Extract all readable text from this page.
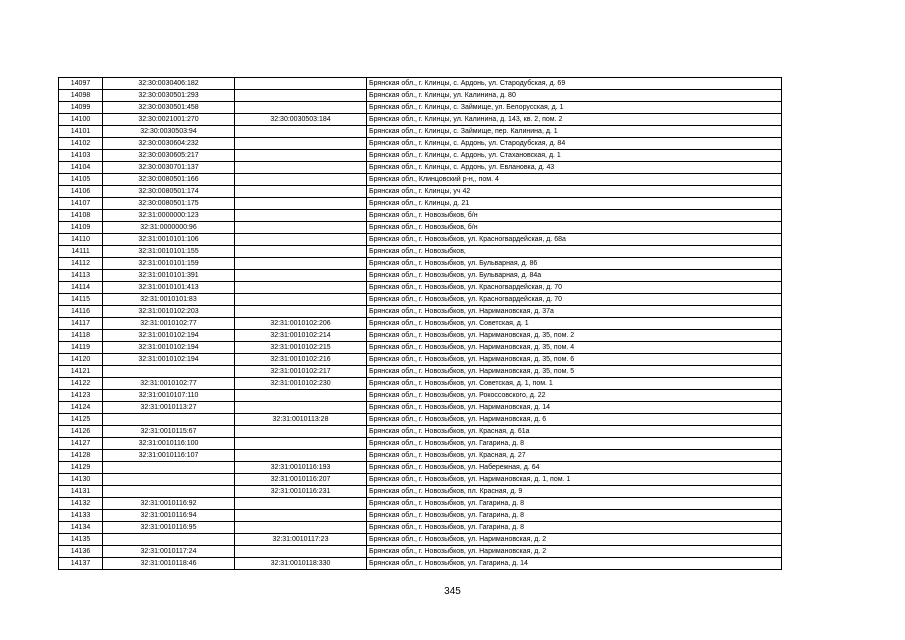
14097	32:30:0030406:182		Брянская обл., г. Клинцы, с. Ардонь, ул. Стародубская, д. 69
14098	32:30:0030501:293		Брянская обл., г. Клинцы, ул. Калинина, д. 80
14099	32:30:0030501:458		Брянская обл., г. Клинцы, с. Займище, ул. Белорусская, д. 1
14100	32:30:0021001:270	32:30:0030503:184	Брянская обл., г. Клинцы, ул. Калинина, д. 143, кв. 2, пом. 2
14101	32:30:0030503:94		Брянская обл., г. Клинцы, с. Займище, пер. Калинина, д. 1
14102	32:30:0030604:232		Брянская обл., г. Клинцы, с. Ардонь, ул. Стародубская, д. 84
14103	32:30:0030605:217		Брянская обл., г. Клинцы, с. Ардонь, ул. Стахановская, д. 1
14104	32:30:0030701:137		Брянская обл., г. Клинцы, с. Ардонь, ул. Евлановка, д. 43
14105	32:30:0080501:166		Брянская обл., Клинцовский р-н,, пом. 4
14106	32:30:0080501:174		Брянская обл., г. Клинцы, уч 42
14107	32:30:0080501:175		Брянская обл., г. Клинцы, д. 21
14108	32:31:0000000:123		Брянская обл., г. Новозыбков, б/н
14109	32:31:0000000:96		Брянская обл., г. Новозыбков, б/н
14110	32:31:0010101:106		Брянская обл., г. Новозыбков, ул. Красногвардейская, д. 68а
14111	32:31:0010101:155		Брянская обл., г. Новозыбков,
14112	32:31:0010101:159		Брянская обл., г. Новозыбков, ул. Бульварная, д. 86
14113	32:31:0010101:391		Брянская обл., г. Новозыбков, ул. Бульварная, д. 84а
14114	32:31:0010101:413		Брянская обл., г. Новозыбков, ул. Красногвардейская, д. 70
14115	32:31:0010101:83		Брянская обл., г. Новозыбков, ул. Красногвардейская, д. 70
14116	32:31:0010102:203		Брянская обл., г. Новозыбков, ул. Наримановская, д. 37а
14117	32:31:0010102:77	32:31:0010102:206	Брянская обл., г. Новозыбков, ул. Советская, д. 1
14118	32:31:0010102:194	32:31:0010102:214	Брянская обл., г. Новозыбков, ул. Наримановская, д. 35, пом. 2
14119	32:31:0010102:194	32:31:0010102:215	Брянская обл., г. Новозыбков, ул. Наримановская, д. 35, пом. 4
14120	32:31:0010102:194	32:31:0010102:216	Брянская обл., г. Новозыбков, ул. Наримановская, д. 35, пом. 6
14121		32:31:0010102:217	Брянская обл., г. Новозыбков, ул. Наримановская, д. 35, пом. 5
14122	32:31:0010102:77	32:31:0010102:230	Брянская обл., г. Новозыбков, ул. Советская, д. 1, пом. 1
14123	32:31:0010107:110		Брянская обл., г. Новозыбков, ул. Рокоссовского, д. 22
14124	32:31:0010113:27		Брянская обл., г. Новозыбков, ул. Наримановская, д. 14
14125		32:31:0010113:28	Брянская обл., г. Новозыбков, ул. Наримановская, д. 6
14126	32:31:0010115:67		Брянская обл., г. Новозыбков, ул. Красная, д. 61а
14127	32:31:0010116:100		Брянская обл., г. Новозыбков, ул. Гагарина, д. 8
14128	32:31:0010116:107		Брянская обл., г. Новозыбков, ул. Красная, д. 27
14129		32:31:0010116:193	Брянская обл., г. Новозыбков, ул. Набережная, д. 64
14130		32:31:0010116:207	Брянская обл., г. Новозыбков, ул. Наримановская, д. 1, пом. 1
14131		32:31:0010116:231	Брянская обл., г. Новозыбков, пл. Красная, д. 9
14132	32:31:0010116:92		Брянская обл., г. Новозыбков, ул. Гагарина, д. 8
14133	32:31:0010116:94		Брянская обл., г. Новозыбков, ул. Гагарина, д. 8
14134	32:31:0010116:95		Брянская обл., г. Новозыбков, ул. Гагарина, д. 8
14135		32:31:0010117:23	Брянская обл., г. Новозыбков, ул. Наримановская, д. 2
14136	32:31:0010117:24		Брянская обл., г. Новозыбков, ул. Наримановская, д. 2
14137	32:31:0010118:46	32:31:0010118:330	Брянская обл., г. Новозыбков, ул. Гагарина, д. 14
345
